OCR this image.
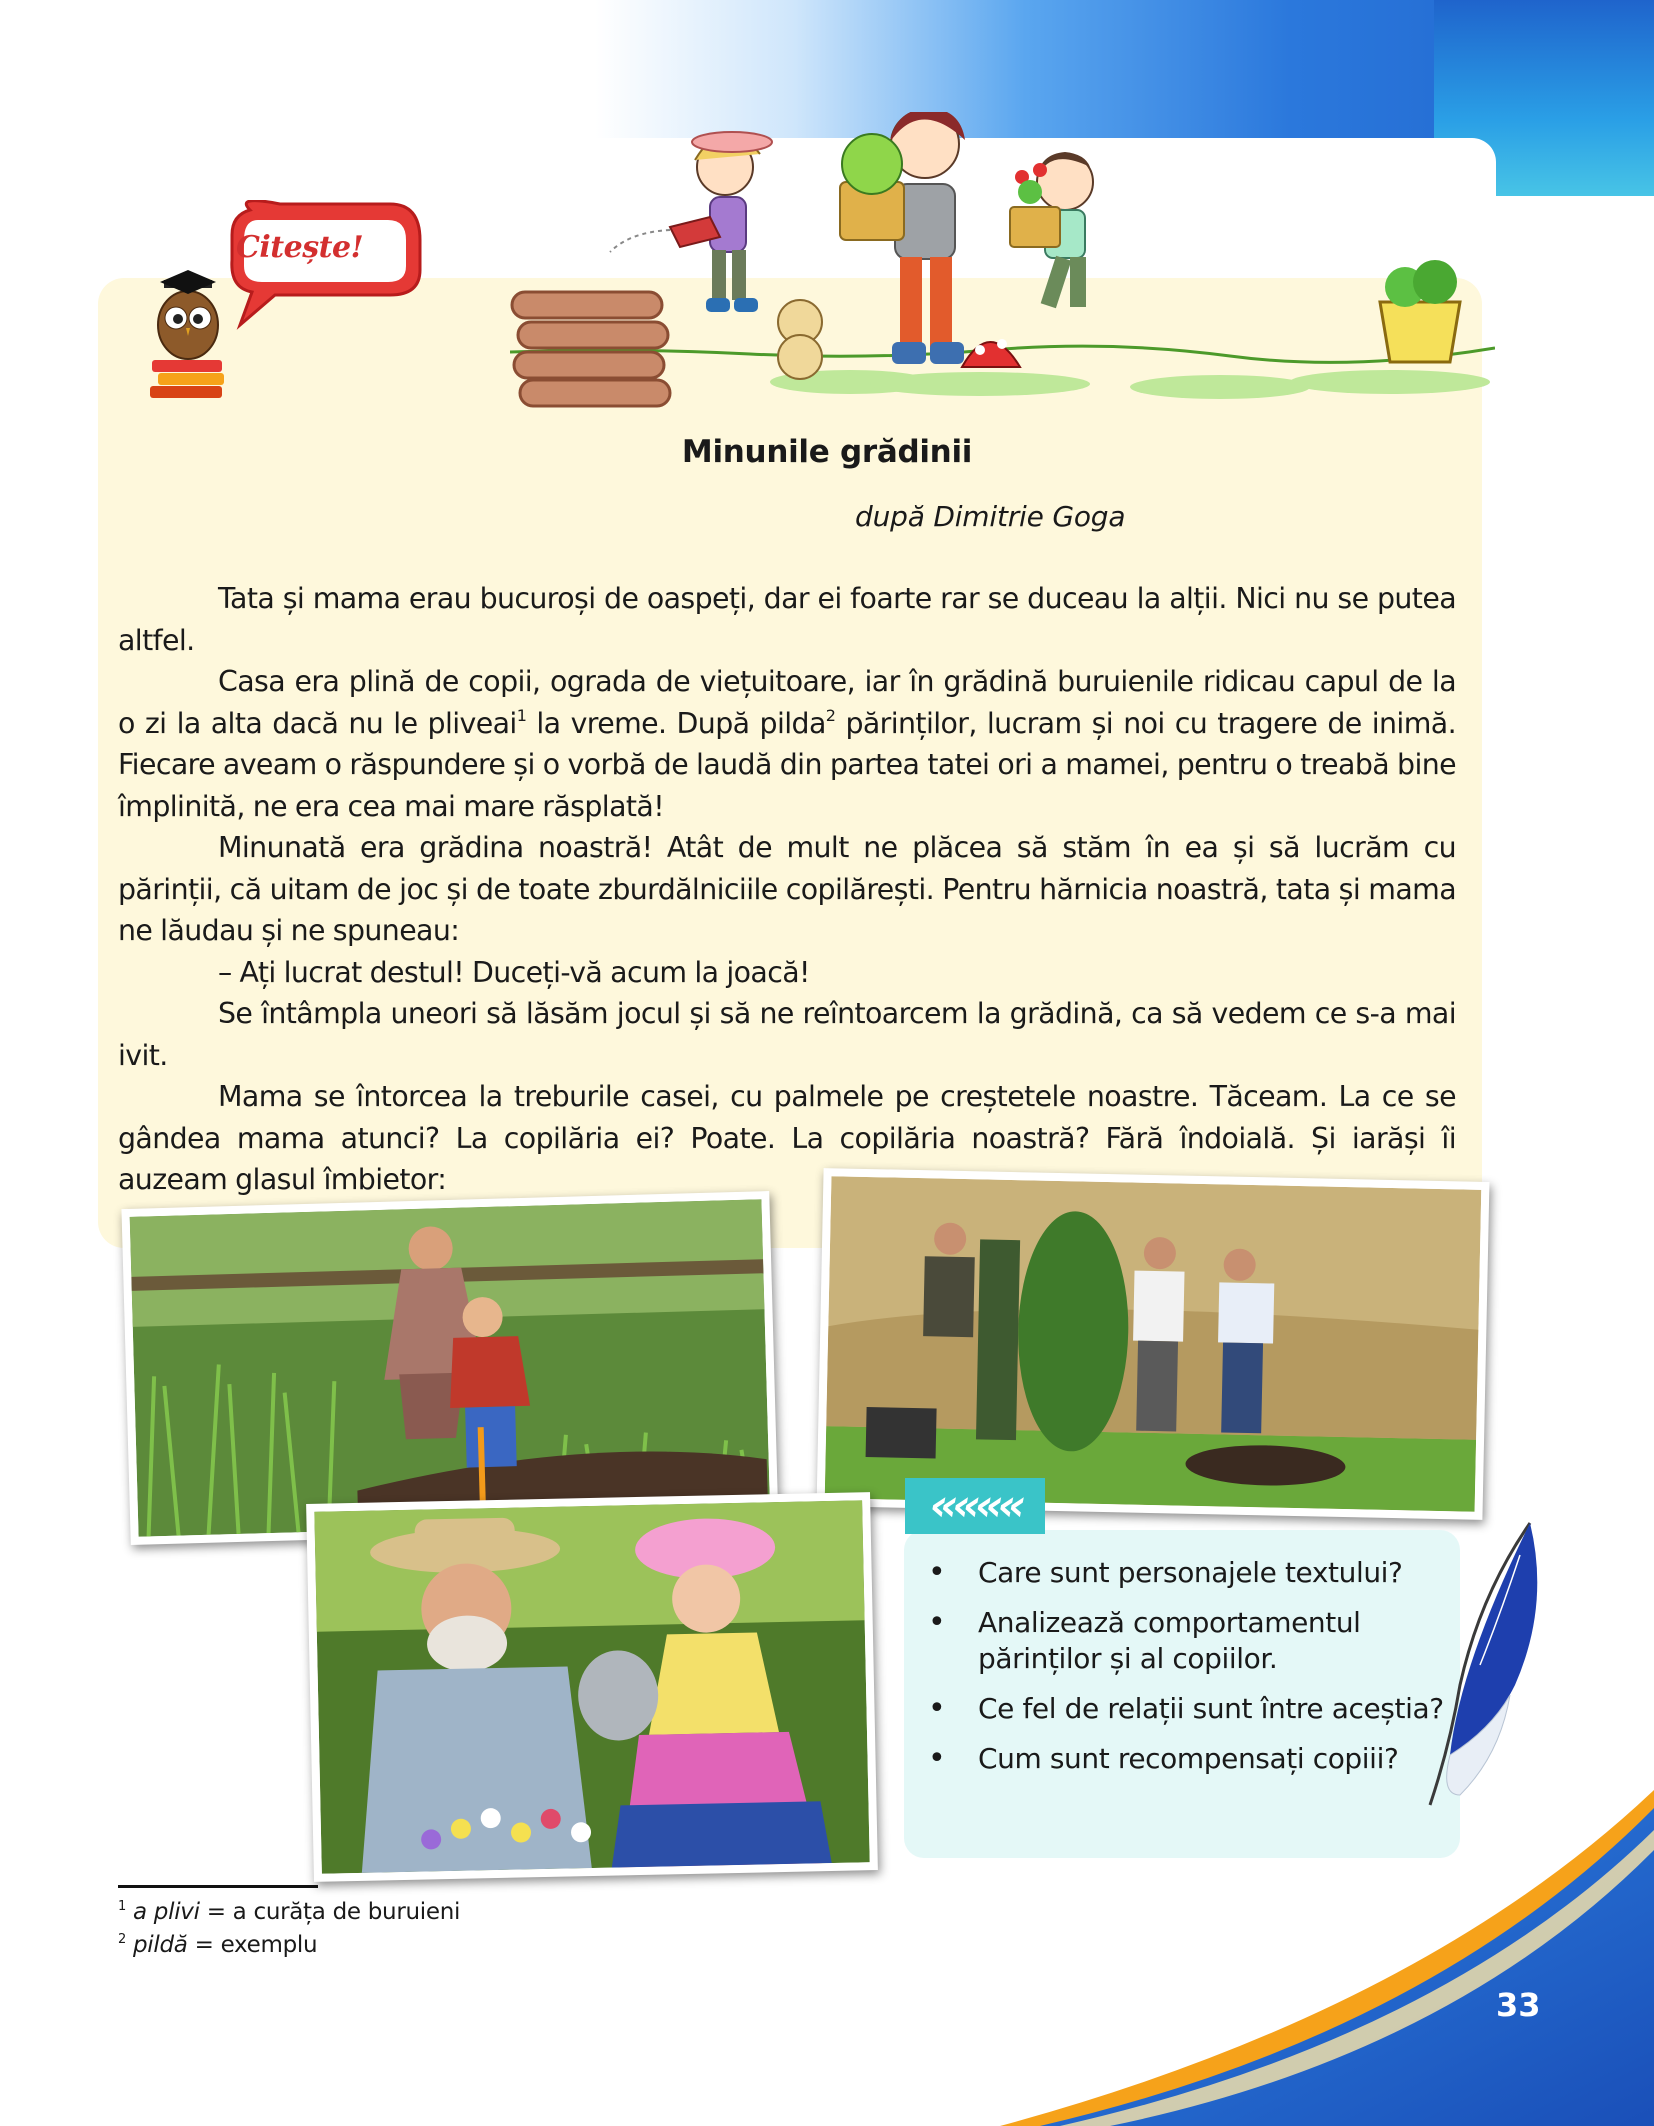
Citește!
Minunile grădinii
după Dimitrie Goga

Tata și mama erau bucuroși de oaspeți, dar ei foarte rar se duceau la alții. Nici nu se putea altfel.

Casa era plină de copii, ograda de viețuitoare, iar în grădină buruienile ridicau capul de la o zi la alta dacă nu le pliveai$^1$ la vreme. După pilda$^2$ părinților, lucram și noi cu tragere de inimă. Fiecare aveam o răspundere și o vorbă de laudă din partea tatei ori a mamei, pentru o treabă bine împlinită, ne era cea mai mare răsplată!

Minunată era grădina noastră! Atât de mult ne plăcea să stăm în ea și să lucrăm cu părinții, că uitam de joc și de toate zburdălniciile copilărești. Pentru hărnicia noastră, tata și mama ne lăudau și ne spuneau:

– Ați lucrat destul! Duceți-vă acum la joacă!

Se întâmpla uneori să lăsăm jocul și să ne reîntoarcem la grădină, ca să vedem ce s-a mai ivit.

Mama se întorcea la treburile casei, cu palmele pe creștetele noastre. Tăceam. La ce se gândea mama atunci? La copilăria ei? Poate. La copilăria noastră? Fără îndoială. Și iarăși îi auzeam glasul îmbietor:

««««
• Care sunt personajele textului?
• Analizează comportamentul părinților și al copiilor.
• Ce fel de relații sunt între aceștia?
• Cum sunt recompensați copiii?
$^1$ a plivi = a curăța de buruieni
$^2$ pildă = exemplu
33
